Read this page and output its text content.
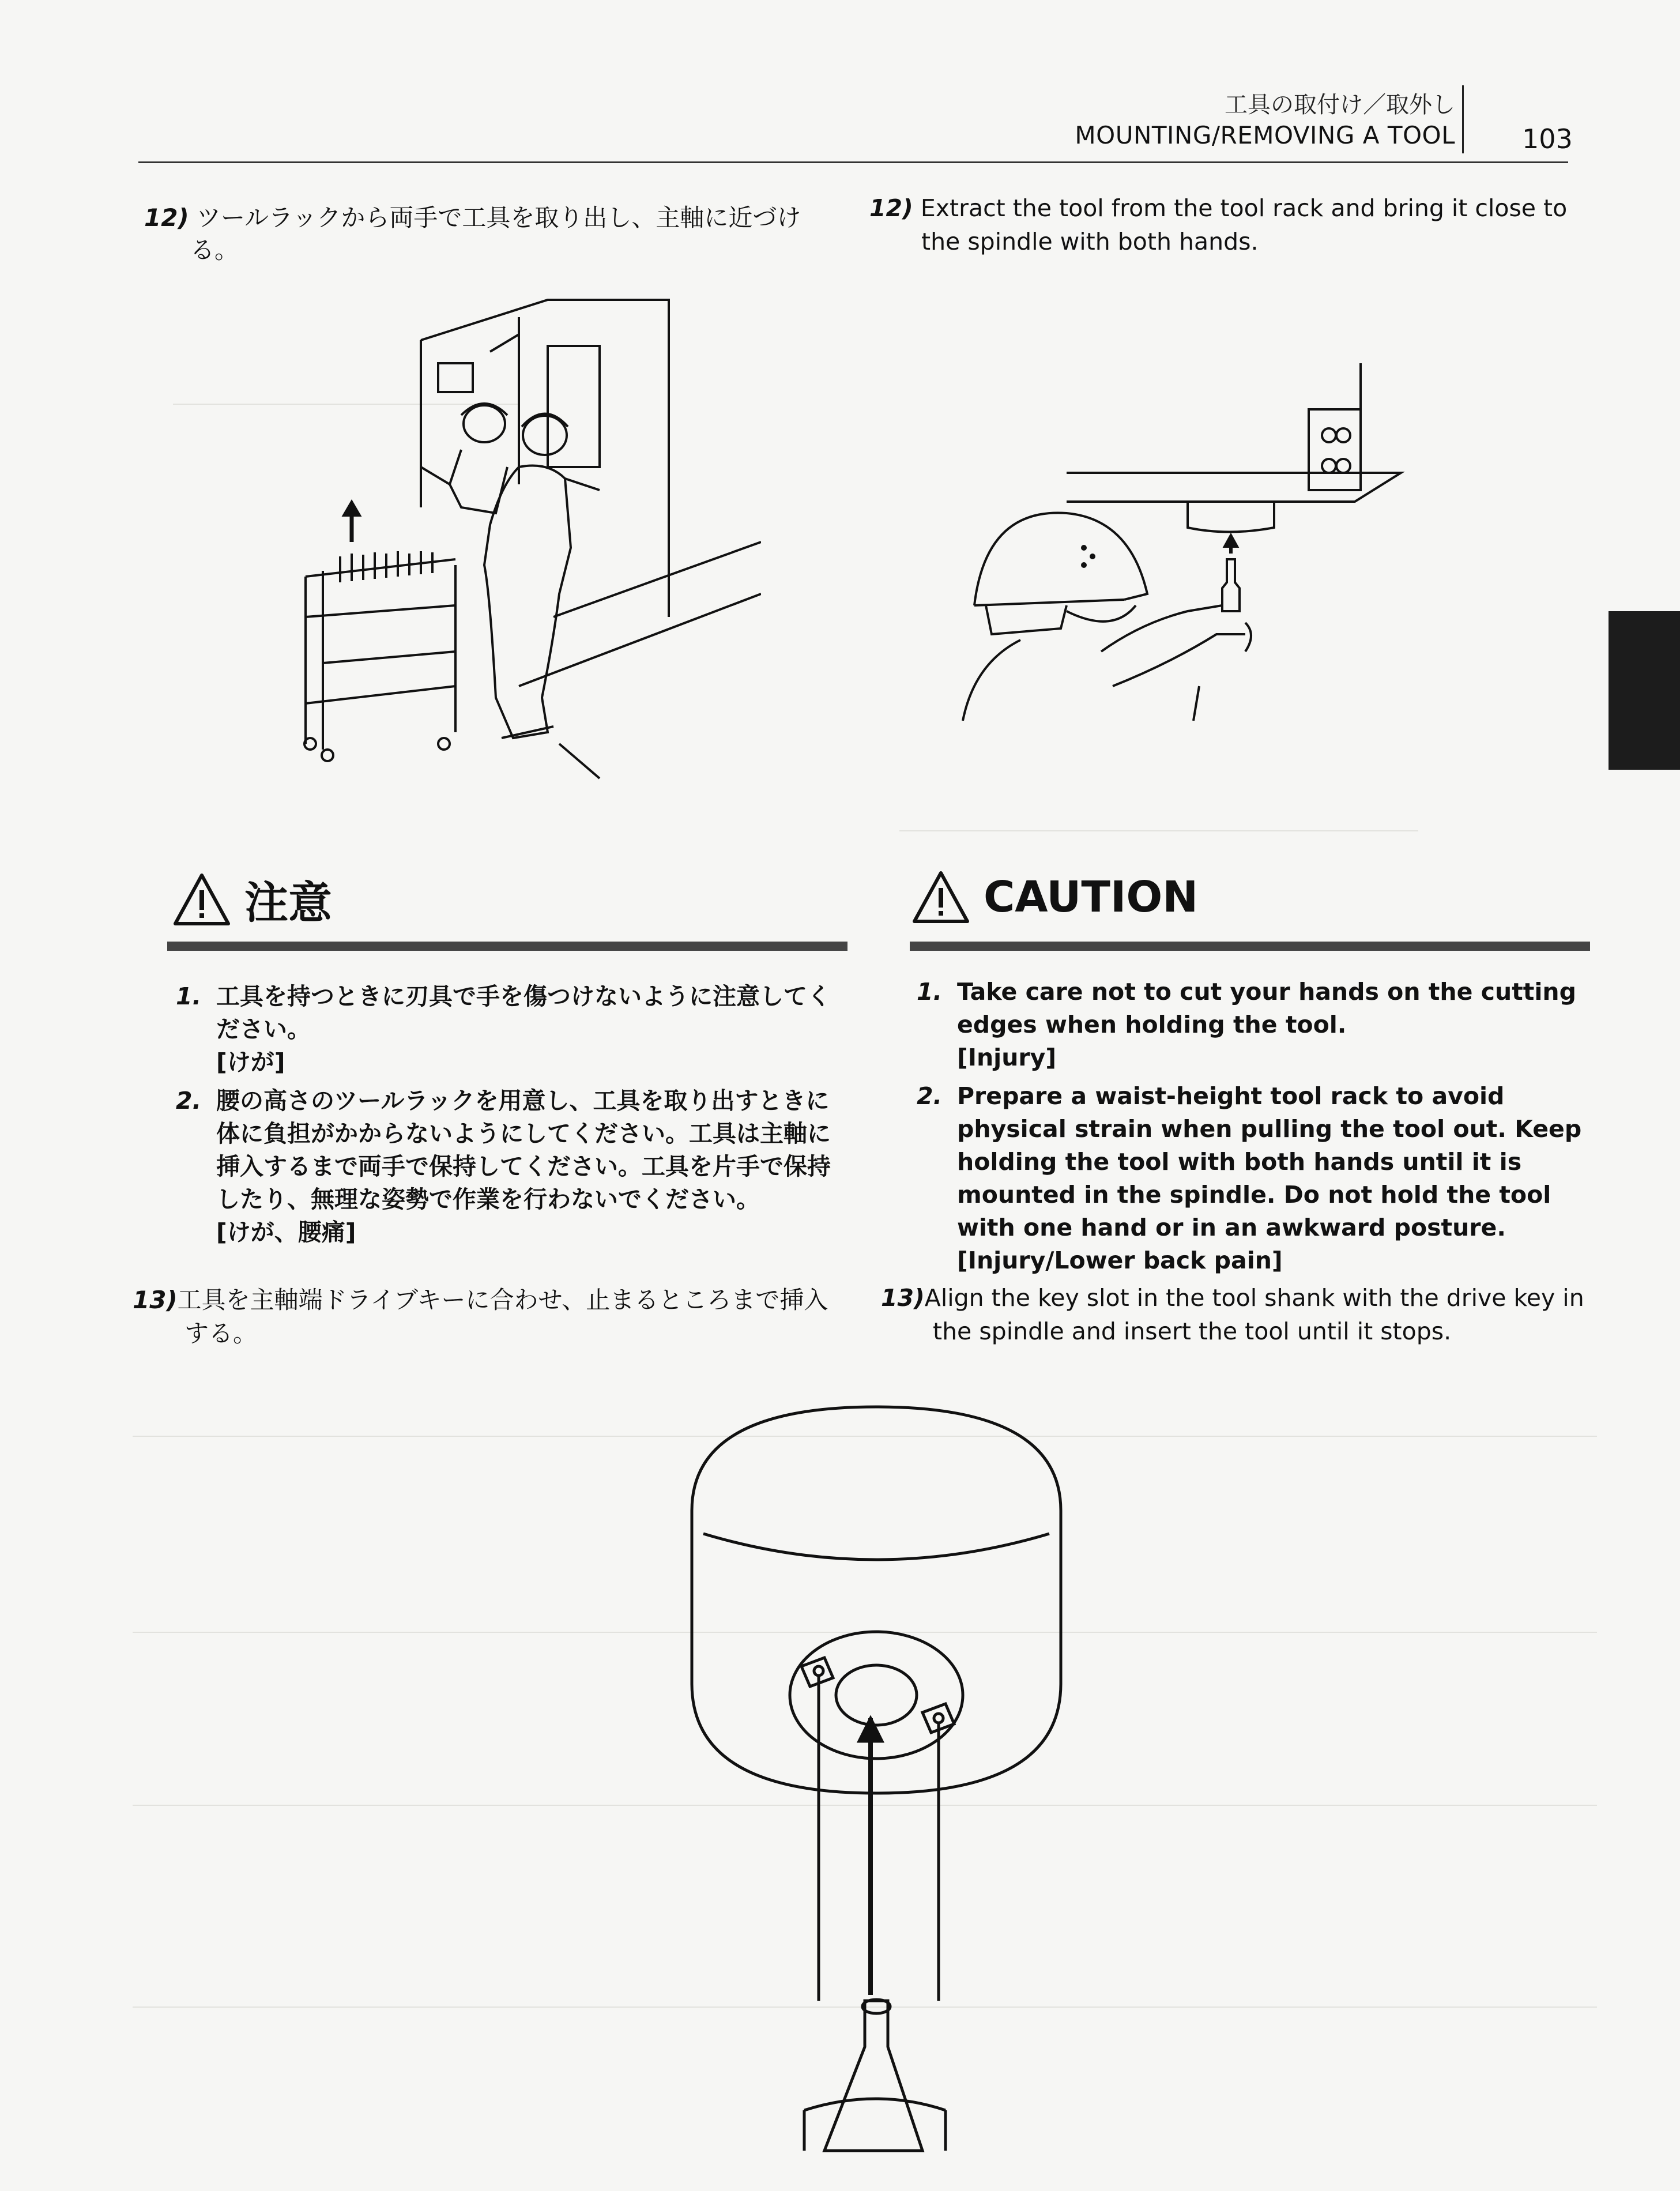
工具の取付け／取外し
MOUNTING/REMOVING A TOOL	103
12) ツールラックから両手で工具を取り出し、主軸に近づけ
る。
12) Extract the tool from the tool rack and bring it close to the spindle with both hands.
注意	CAUTION
1. 工具を持つときに刃具で手を傷つけないように注意してください。
[けが]
2. 腰の高さのツールラックを用意し、工具を取り出すときに体に負担がかからないようにしてください。工具は主軸に挿入するまで両手で保持してください。工具を片手で保持したり、無理な姿勢で作業を行わないでください。
[けが、腰痛]
1. Take care not to cut your hands on the cutting edges when holding the tool.
[Injury]
2. Prepare a waist-height tool rack to avoid physical strain when pulling the tool out. Keep holding the tool with both hands until it is mounted in the spindle. Do not hold the tool with one hand or in an awkward posture.
[Injury/Lower back pain]
13)工具を主軸端ドライブキーに合わせ、止まるところまで挿入する。
13)Align the key slot in the tool shank with the drive key in the spindle and insert the tool until it stops.
